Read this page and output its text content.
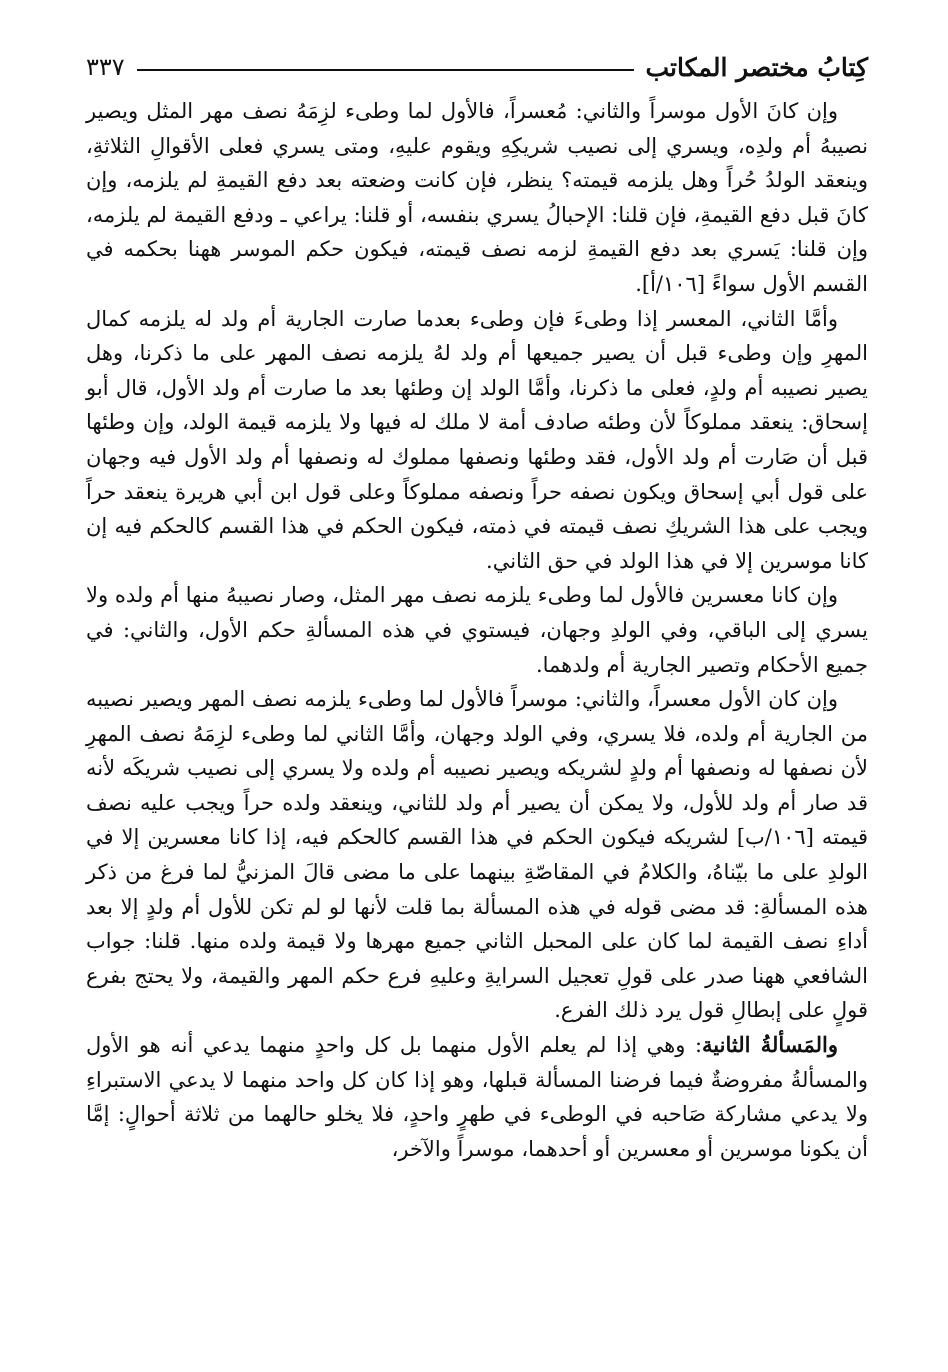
كِتابُ مختصر المكاتب
٣٣٧

وإن كانَ الأول موسراً والثاني: مُعسراً، فالأول لما وطىء لزِمَهُ نصف مهر المثل ويصير نصيبهُ أم ولدِه، ويسري إلى نصيب شريكِهِ ويقوم عليهِ، ومتى يسري فعلى الأقوالِ الثلاثةِ، وينعقد الولدُ حُراً وهل يلزمه قيمته؟ ينظر، فإن كانت وضعته بعد دفع القيمةِ لم يلزمه، وإن كانَ قبل دفع القيمةِ، فإن قلنا: الإحبالُ يسري بنفسه، أو قلنا: يراعي ـ ودفع القيمة لم يلزمه، وإن قلنا: يَسري بعد دفع القيمةِ لزمه نصف قيمته، فيكون حكم الموسر ههنا بحكمه في القسم الأول سواءً [١٠٦/أ].

وأمَّا الثاني، المعسر إذا وطىءَ فإن وطىء بعدما صارت الجارية أم ولد له يلزمه كمال المهرِ وإن وطىء قبل أن يصير جميعها أم ولد لهُ يلزمه نصف المهر على ما ذكرنا، وهل يصير نصيبه أم ولدٍ، فعلى ما ذكرنا، وأمَّا الولد إن وطئها بعد ما صارت أم ولد الأول، قال أبو إسحاق: ينعقد مملوكاً لأن وطئه صادف أمة لا ملك له فيها ولا يلزمه قيمة الولد، وإن وطئها قبل أن صَارت أم ولد الأول، فقد وطئها ونصفها مملوك له ونصفها أم ولد الأول فيه وجهان على قول أبي إسحاق ويكون نصفه حراً ونصفه مملوكاً وعلى قول ابن أبي هريرة ينعقد حراً ويجب على هذا الشريكِ نصف قيمته في ذمته، فيكون الحكم في هذا القسم كالحكم فيه إن كانا موسرين إلا في هذا الولد في حق الثاني.

وإن كانا معسرين فالأول لما وطىء يلزمه نصف مهر المثل، وصار نصيبهُ منها أم ولده ولا يسري إلى الباقي، وفي الولدِ وجهان، فيستوي في هذه المسألةِ حكم الأول، والثاني: في جميع الأحكام وتصير الجارية أم ولدهما.

وإن كان الأول معسراً، والثاني: موسراً فالأول لما وطىء يلزمه نصف المهر ويصير نصيبه من الجارية أم ولده، فلا يسري، وفي الولد وجهان، وأمَّا الثاني لما وطىء لزِمَهُ نصف المهرِ لأن نصفها له ونصفها أم ولدٍ لشريكه ويصير نصيبه أم ولده ولا يسري إلى نصيب شريكَه لأنه قد صار أم ولد للأول، ولا يمكن أن يصير أم ولد للثاني، وينعقد ولده حراً ويجب عليه نصف قيمته [١٠٦/ب] لشريكه فيكون الحكم في هذا القسم كالحكم فيه، إذا كانا معسرين إلا في الولدِ على ما بيّناهُ، والكلامُ في المقاصّةِ بينهما على ما مضى قالَ المزنيُّ لما فرغ من ذكر هذه المسألةِ: قد مضى قوله في هذه المسألة بما قلت لأنها لو لم تكن للأول أم ولدٍ إلا بعد أداءِ نصف القيمة لما كان على المحبل الثاني جميع مهرها ولا قيمة ولده منها. قلنا: جواب الشافعي ههنا صدر على قولِ تعجيل السرايةِ وعليهِ فرع حكم المهر والقيمة، ولا يحتج بفرع قولٍ على إبطالِ قول يرد ذلك الفرع.

والمَسألةُ الثانية: وهي إذا لم يعلم الأول منهما بل كل واحدٍ منهما يدعي أنه هو الأول والمسألةُ مفروضةٌ فيما فرضنا المسألة قبلها، وهو إذا كان كل واحد منهما لا يدعي الاستبراءِ ولا يدعي مشاركة صَاحبه في الوطىء في طهرٍ واحدٍ، فلا يخلو حالهما من ثلاثة أحوالٍ: إمَّا أن يكونا موسرين أو معسرين أو أحدهما، موسراً والآخر،
